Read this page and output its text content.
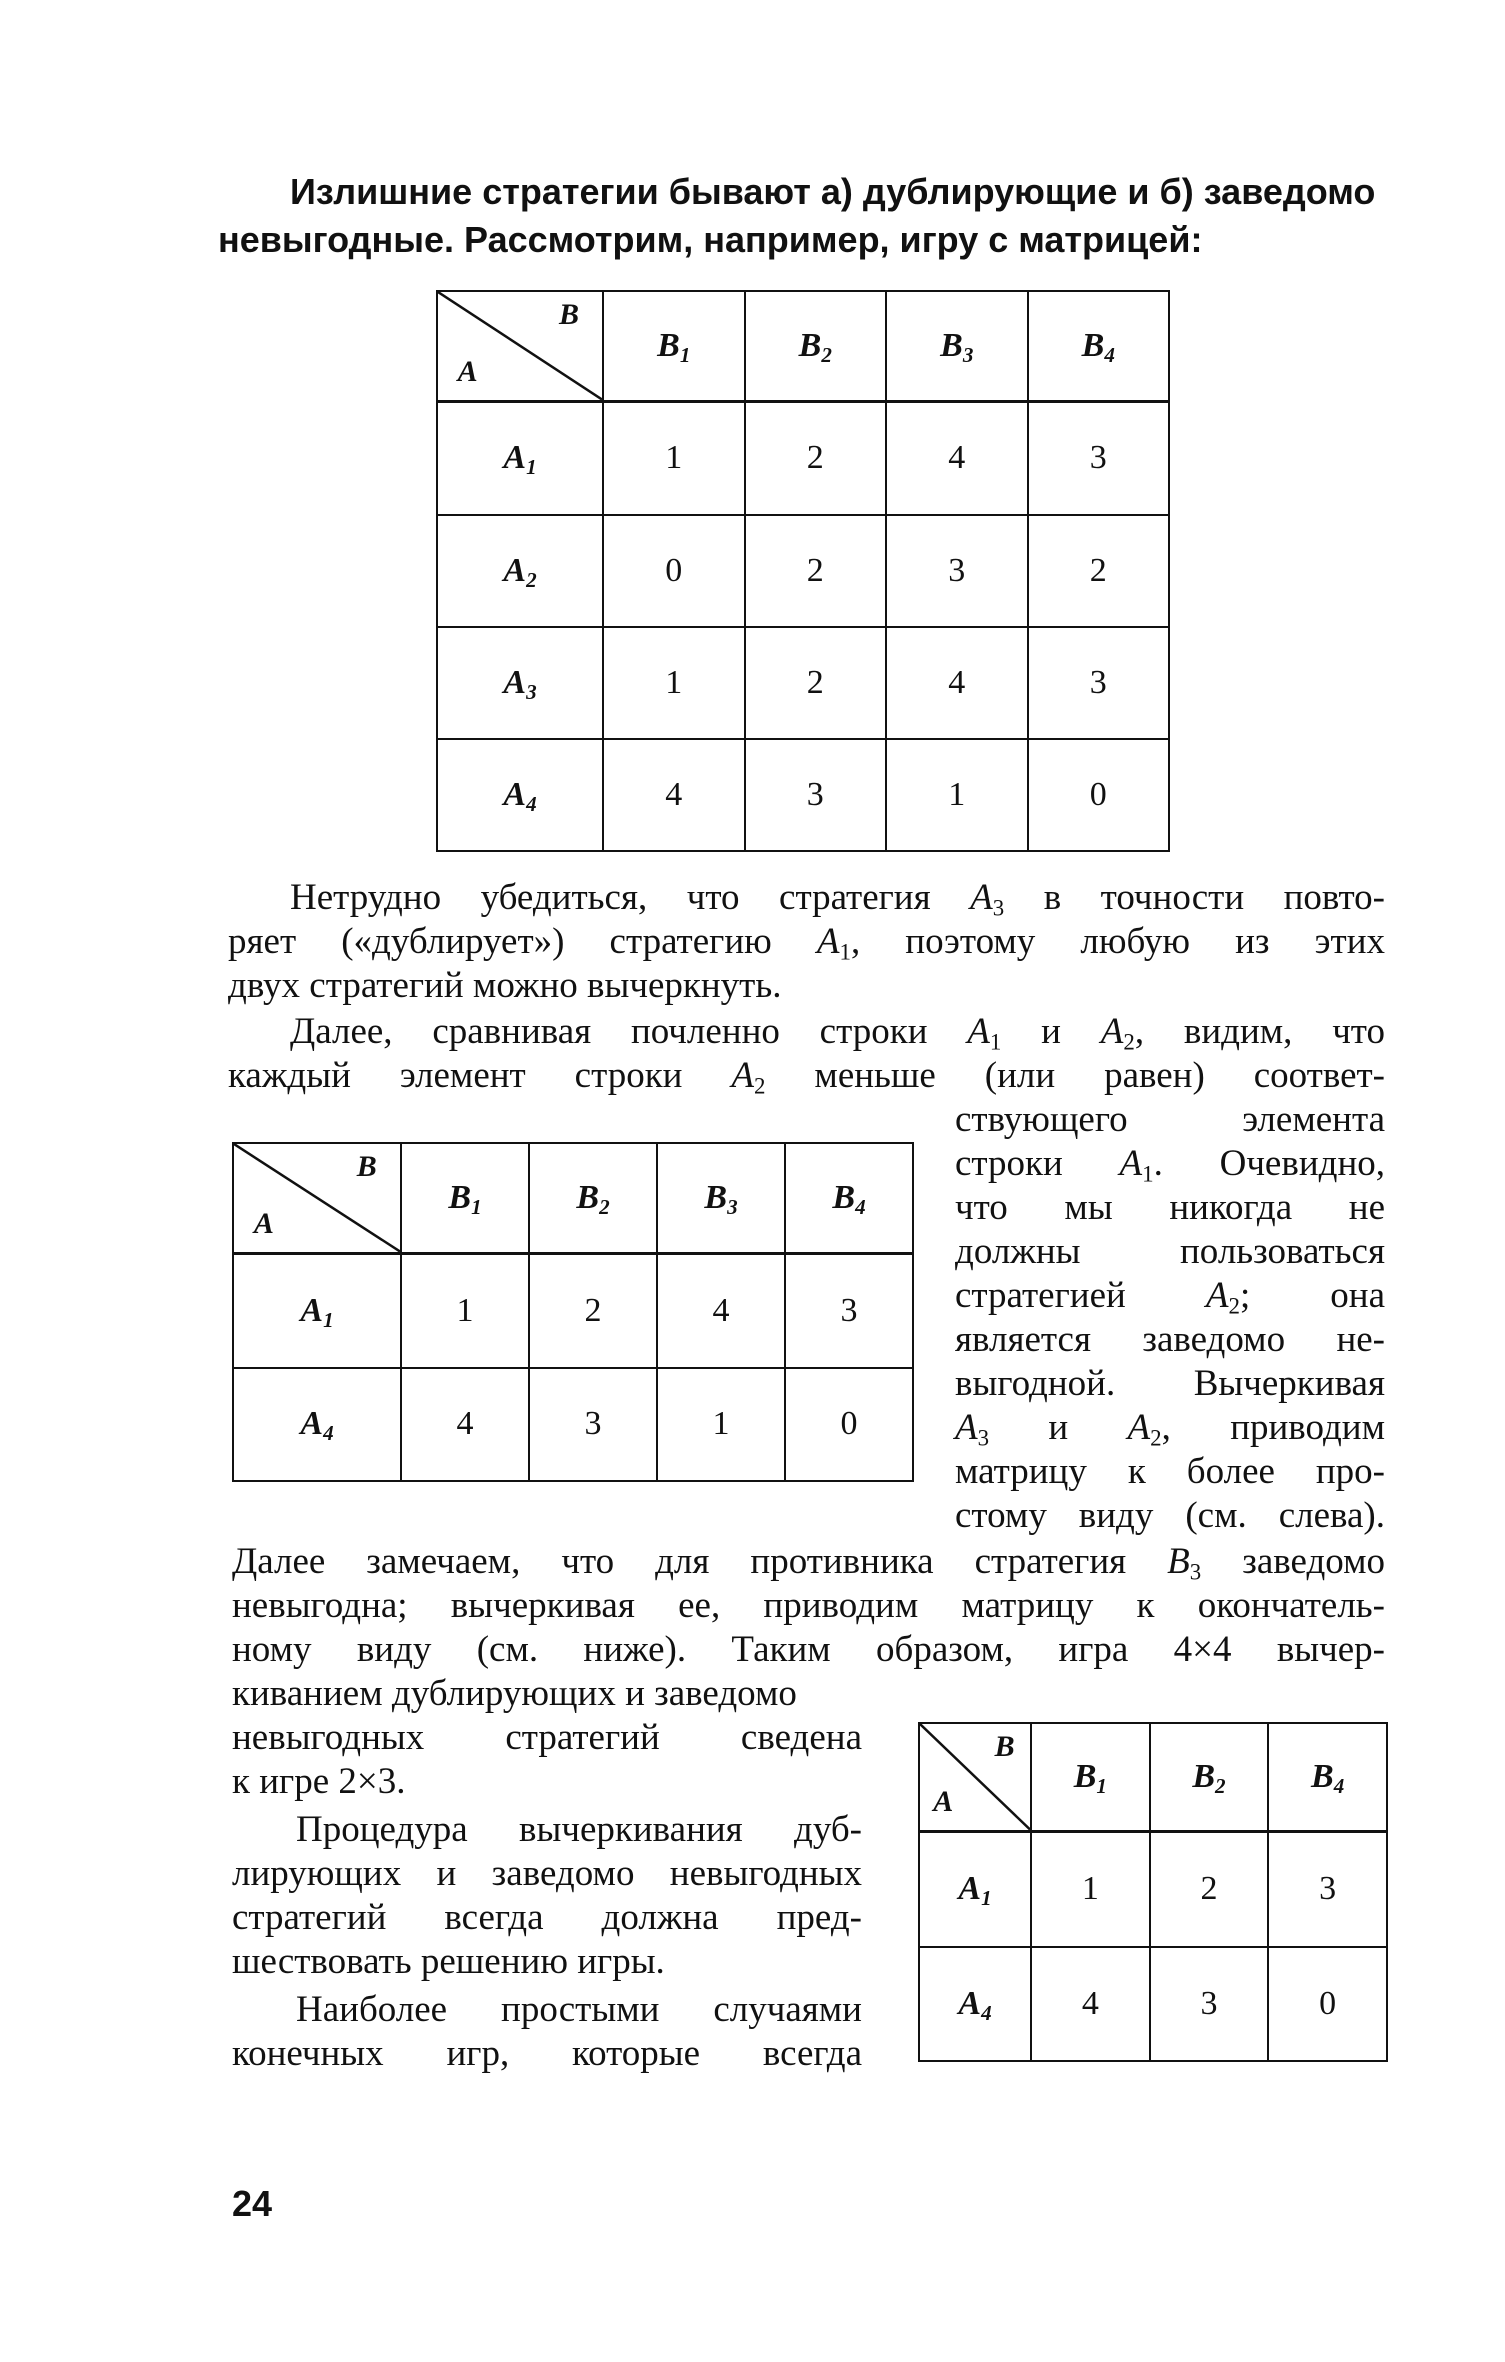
Излишние стратегии бывают а) дублирующие и б) заведомо
невыгодные. Рассмотрим, например, игру с матрицей:
A
B	$B_1$	$B_2$	$B_3$	$B_4$
$A_1$	1	2	4	3
$A_2$	0	2	3	2
$A_3$	1	2	4	3
$A_4$	4	3	1	0
Нетрудно убедиться, что стратегия $A_3$ в точности повто-
ряет («дублирует») стратегию $A_1$, поэтому любую из этих
двух стратегий можно вычеркнуть.
Далее, сравнивая почленно строки $A_1$ и $A_2$, видим, что
каждый элемент строки $A_2$ меньше (или равен) соответ-
ствующего элемента
строки $A_1$. Очевидно,
что мы никогда не
должны пользоваться
стратегией $A_2$; она
является заведомо не-
выгодной. Вычеркивая
$A_3$ и $A_2$, приводим
матрицу к более про-
стому виду (см. слева).
A
B	$B_1$	$B_2$	$B_3$	$B_4$
$A_1$	1	2	4	3
$A_4$	4	3	1	0
Далее замечаем, что для противника стратегия $B_3$ заведомо
невыгодна; вычеркивая ее, приводим матрицу к окончатель-
ному виду (см. ниже). Таким образом, игра 4×4 вычер-
киванием дублирующих и заведомо
невыгодных стратегий сведена
к игре 2×3.
Процедура вычеркивания дуб-
лирующих и заведомо невыгодных
стратегий всегда должна пред-
шествовать решению игры.
Наиболее простыми случаями
конечных игр, которые всегда
A
B	$B_1$	$B_2$	$B_4$
$A_1$	1	2	3
$A_4$	4	3	0
24
